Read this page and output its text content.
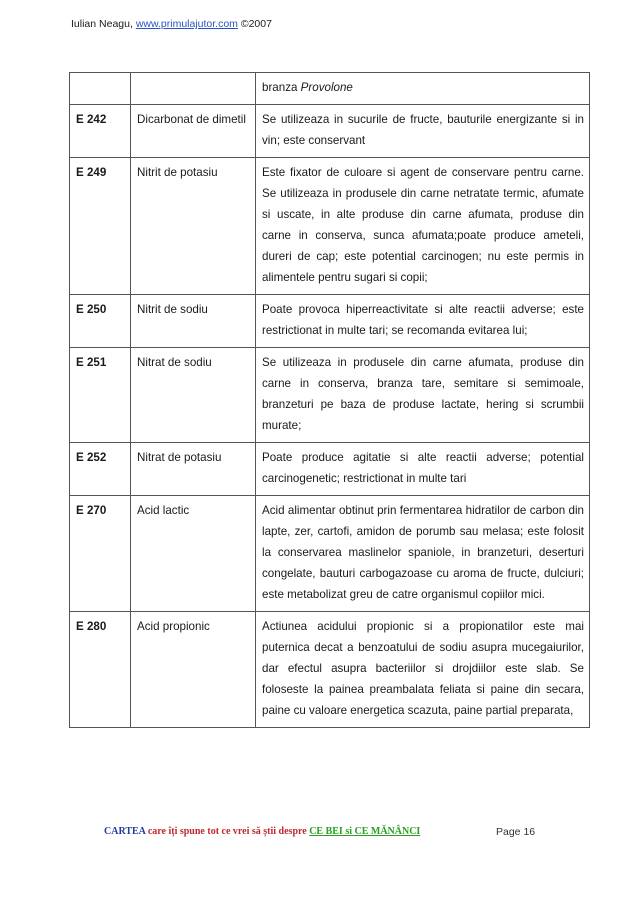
Iulian Neagu, www.primulajutor.com ©2007
		branza Provolone
E 242	Dicarbonat de dimetil	Se utilizeaza in sucurile de fructe, bauturile energizante si in vin; este conservant
E 249	Nitrit de potasiu	Este fixator de culoare si agent de conservare pentru carne. Se utilizeaza in produsele din carne netratate termic, afumate si uscate, in alte produse din carne afumata, produse din carne in conserva, sunca afumata;poate produce ameteli, dureri de cap; este potential carcinogen; nu este permis in alimentele pentru sugari si copii;
E 250	Nitrit de sodiu	Poate provoca hiperreactivitate si alte reactii adverse; este restrictionat in multe tari; se recomanda evitarea lui;
E 251	Nitrat de sodiu	Se utilizeaza in produsele din carne afumata, produse din carne in conserva, branza tare, semitare si semimoale, branzeturi pe baza de produse lactate, hering si scrumbii murate;
E 252	Nitrat de potasiu	Poate produce agitatie si alte reactii adverse; potential carcinogenetic; restrictionat in multe tari
E 270	Acid lactic	Acid alimentar obtinut prin fermentarea hidratilor de carbon din lapte, zer, cartofi, amidon de porumb sau melasa; este folosit la conservarea maslinelor spaniole, in branzeturi, deserturi congelate, bauturi carbogazoase cu aroma de fructe, dulciuri; este metabolizat greu de catre organismul copiilor mici.
E 280	Acid propionic	Actiunea acidului propionic si a propionatilor este mai puternica decat a benzoatului de sodiu asupra mucegaiurilor, dar efectul asupra bacteriilor si drojdiilor este slab. Se foloseste la painea preambalata feliata si paine din secara, paine cu valoare energetica scazuta, paine partial preparata,
CARTEA care îți spune tot ce vrei să știi despre CE BEI si CE MĂNÂNCI	Page 16
